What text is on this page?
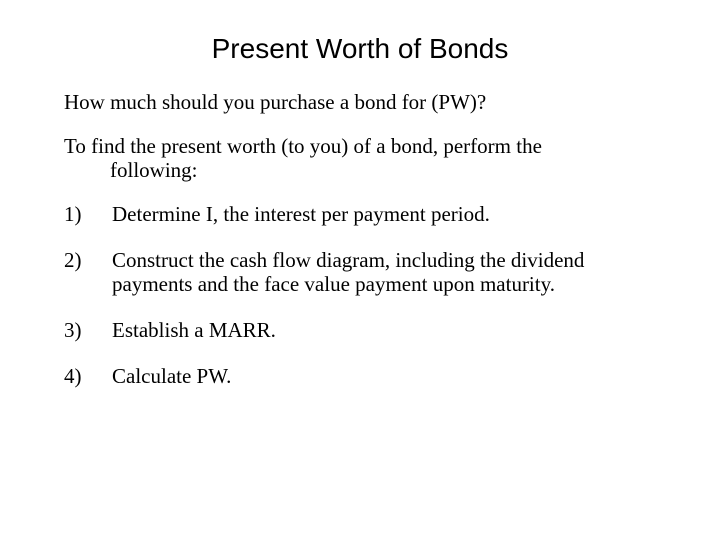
Present Worth of Bonds

How much should you purchase a bond for (PW)?

To find the present worth (to you) of a bond, perform the
following:

1)	Determine I, the interest per payment period.
2)	Construct the cash flow diagram, including the dividend
payments and the face value payment upon maturity.
3)	Establish a MARR.
4)	Calculate PW.
